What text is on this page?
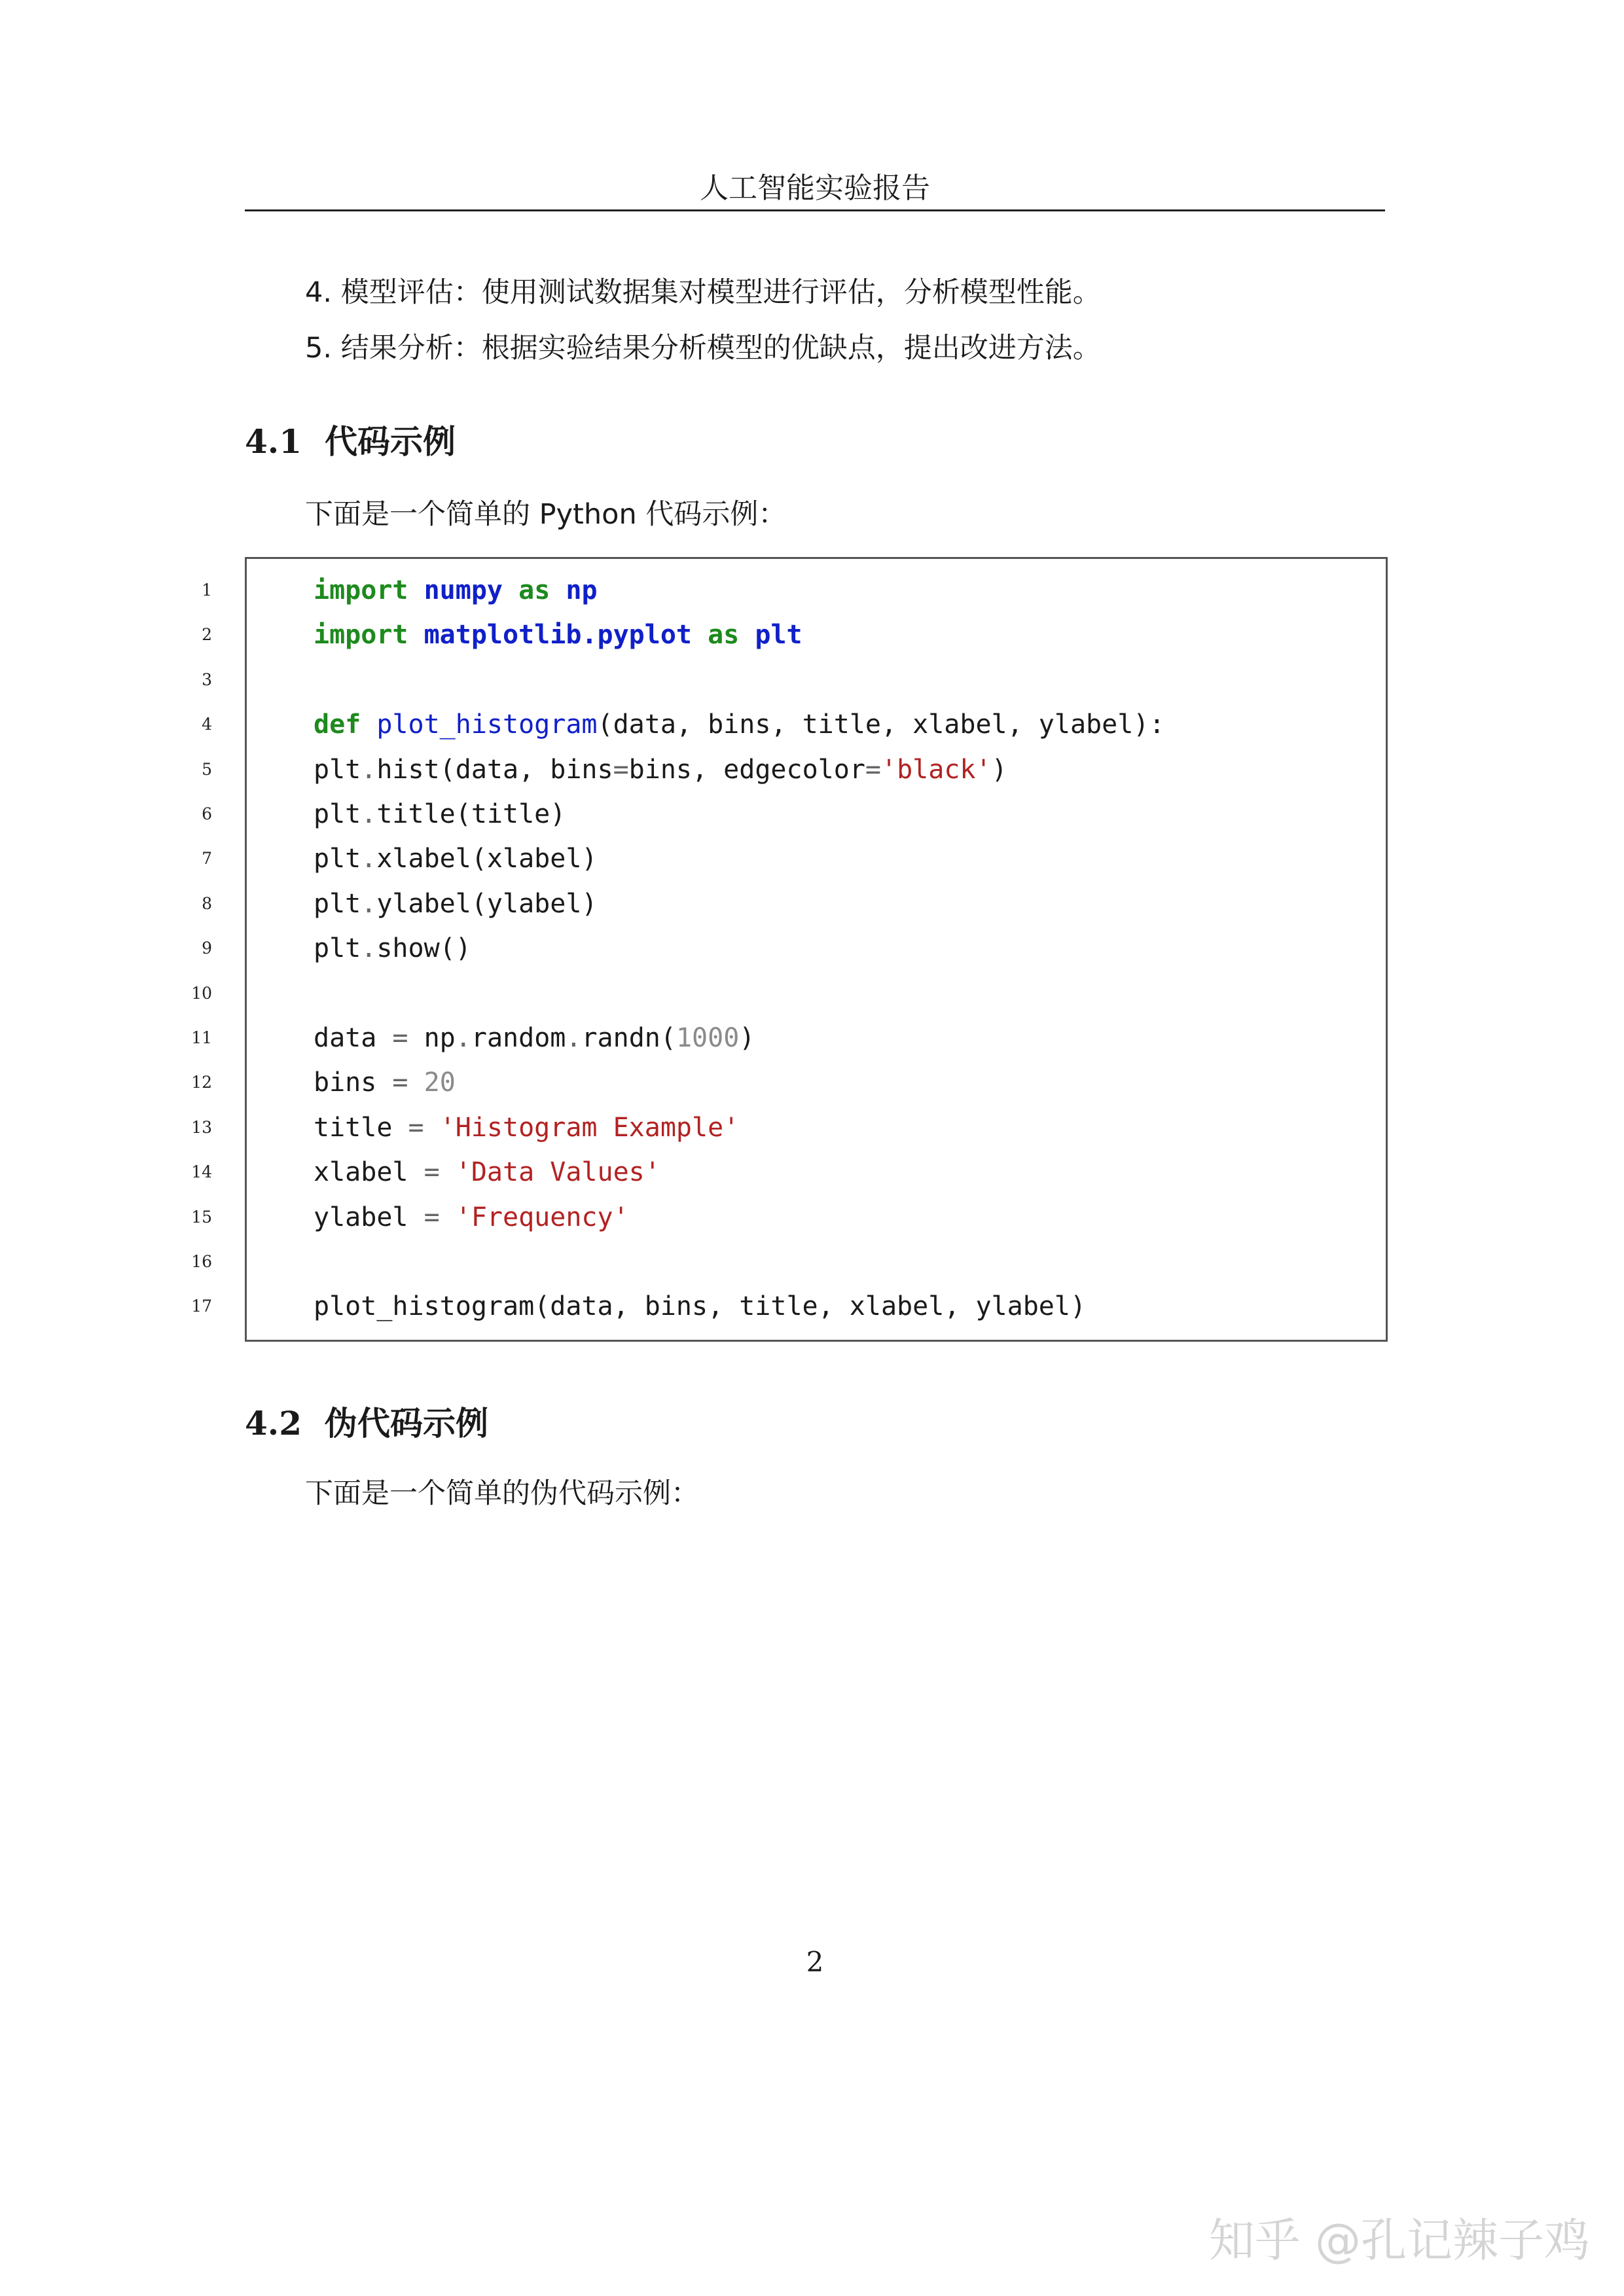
人工智能实验报告
4. 模型评估：使用测试数据集对模型进行评估，分析模型性能。
5. 结果分析：根据实验结果分析模型的优缺点，提出改进方法。
4.1 代码示例
下面是一个简单的 Python 代码示例：
1	import numpy as np
2	import matplotlib.pyplot as plt
3
4	def plot_histogram(data, bins, title, xlabel, ylabel):
5	plt.hist(data, bins=bins, edgecolor='black')
6	plt.title(title)
7	plt.xlabel(xlabel)
8	plt.ylabel(ylabel)
9	plt.show()
10
11	data = np.random.randn(1000)
12	bins = 20
13	title = 'Histogram Example'
14	xlabel = 'Data Values'
15	ylabel = 'Frequency'
16
17	plot_histogram(data, bins, title, xlabel, ylabel)
4.2 伪代码示例
下面是一个简单的伪代码示例：
2
知乎 @孔记辣子鸡
